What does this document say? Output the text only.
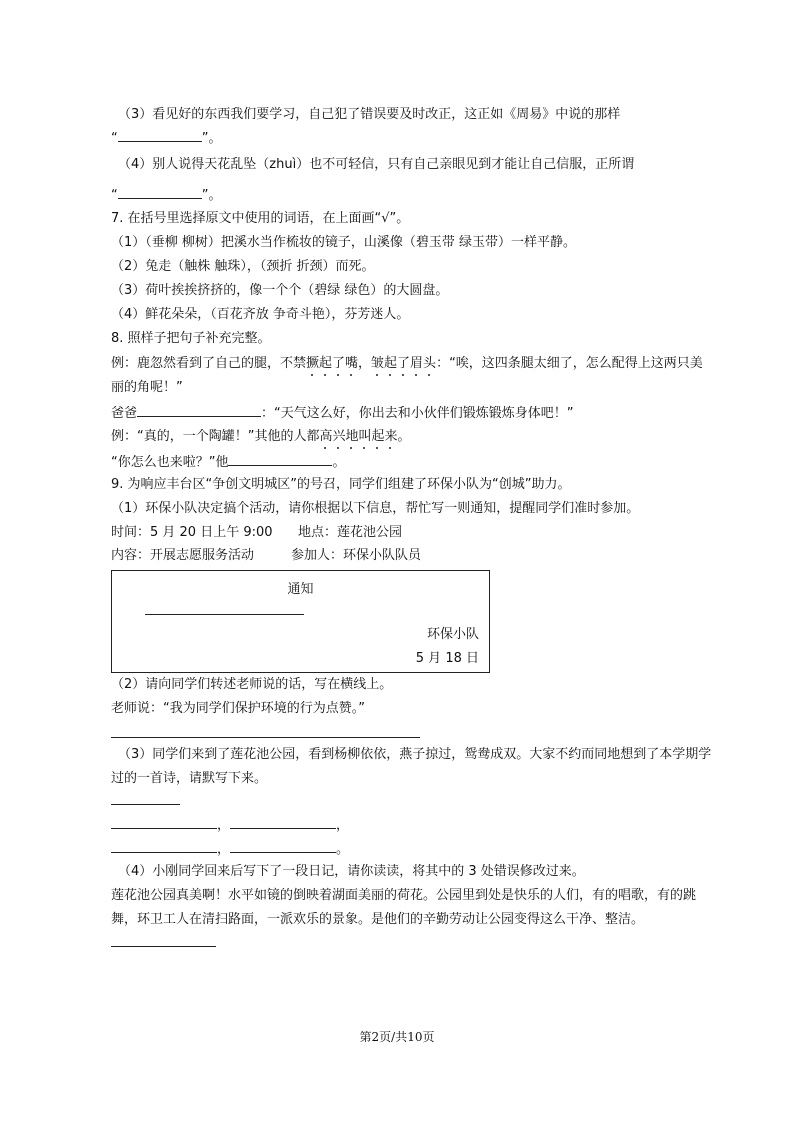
（3）看见好的东西我们要学习，自己犯了错误要及时改正，这正如《周易》中说的那样
“	”。
（4）别人说得天花乱坠（zhuì）也不可轻信，只有自己亲眼见到才能让自己信服，正所谓
“	”。
7. 在括号里选择原文中使用的词语，在上面画“√”。
（1）（垂柳 柳树）把溪水当作梳妆的镜子，山溪像（碧玉带 绿玉带）一样平静。
（2）兔走（触株 触珠），（颈折 折颈）而死。
（3）荷叶挨挨挤挤的，像一个个（碧绿 绿色）的大圆盘。
（4）鲜花朵朵，（百花齐放 争奇斗艳），芬芳迷人。
8. 照样子把句子补充完整。
例：鹿忽然看到了自己的腿，不禁撅起了嘴
，皱起了眉头
：“唉，这四条腿太细了，怎么配得上这两只美
丽的角呢！”
爸爸	：“天气这么好，你出去和小伙伴们锻炼锻炼身体吧！”
例：“真的，一个陶罐！”其他的人都高兴地叫起来
。
“你怎么也来啦？”他	。
9. 为响应丰台区“争创文明城区”的号召，同学们组建了环保小队为“创城”助力。
（1）环保小队决定搞个活动，请你根据以下信息，帮忙写一则通知，提醒同学们准时参加。
时间：5 月 20 日上午 9:00 地点：莲花池公园
内容：开展志愿服务活动	参加人：环保小队队员
通知
环保小队
5 月 18 日
（2）请向同学们转述老师说的话，写在横线上。
老师说：“我为同学们保护环境的行为点赞。”
（3）同学们来到了莲花池公园，看到杨柳依依，燕子掠过，鸳鸯成双。大家不约而同地想到了本学期学
过的一首诗，请默写下来。
，	，
，	。
（4）小刚同学回来后写下了一段日记，请你读读，将其中的 3 处错误修改过来。
莲花池公园真美啊！水平如镜的倒映着湖面美丽的荷花。公园里到处是快乐的人们，有的唱歌，有的跳
舞，环卫工人在清扫路面，一派欢乐的景象。是他们的辛勤劳动让公园变得这么干净、整洁。
第2页/共10页
